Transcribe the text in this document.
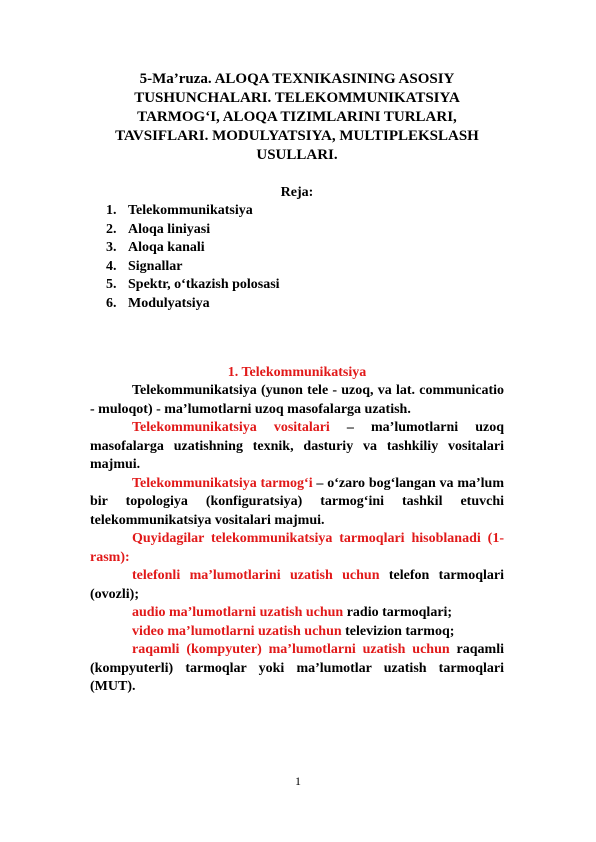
5-Ma’ruza. ALOQA TEXNIKASINING ASOSIY
TUSHUNCHALARI. TELEKOMMUNIKATSIYA
TARMOG‘I, ALOQA TIZIMLARINI TURLARI,
TAVSIFLARI. MODULYATSIYA, MULTIPLEKSLASH
USULLARI.
Reja:
1. Telekommunikatsiya
2. Aloqa liniyasi
3. Aloqa kanali
4. Signallar
5. Spektr, o‘tkazish polosasi
6. Modulyatsiya
1. Telekommunikatsiya

Telekommunikatsiya (yunon tele - uzoq, va lat. communicatio - muloqot) - ma’lumotlarni uzoq masofalarga uzatish.

Telekommunikatsiya vositalari – ma’lumotlarni uzoq masofalarga uzatishning texnik, dasturiy va tashkiliy vositalari majmui.

Telekommunikatsiya tarmog‘i – o‘zaro bog‘langan va ma’lum bir topologiya (konfiguratsiya) tarmog‘ini tashkil etuvchi telekommunikatsiya vositalari majmui.

Quyidagilar telekommunikatsiya tarmoqlari hisoblanadi (1-rasm):

telefonli ma’lumotlarini uzatish uchun telefon tarmoqlari (ovozli);

audio ma’lumotlarni uzatish uchun radio tarmoqlari;

video ma’lumotlarni uzatish uchun televizion tarmoq;

raqamli (kompyuter) ma’lumotlarni uzatish uchun raqamli (kompyuterli) tarmoqlar yoki ma’lumotlar uzatish tarmoqlari (MUT).

1
